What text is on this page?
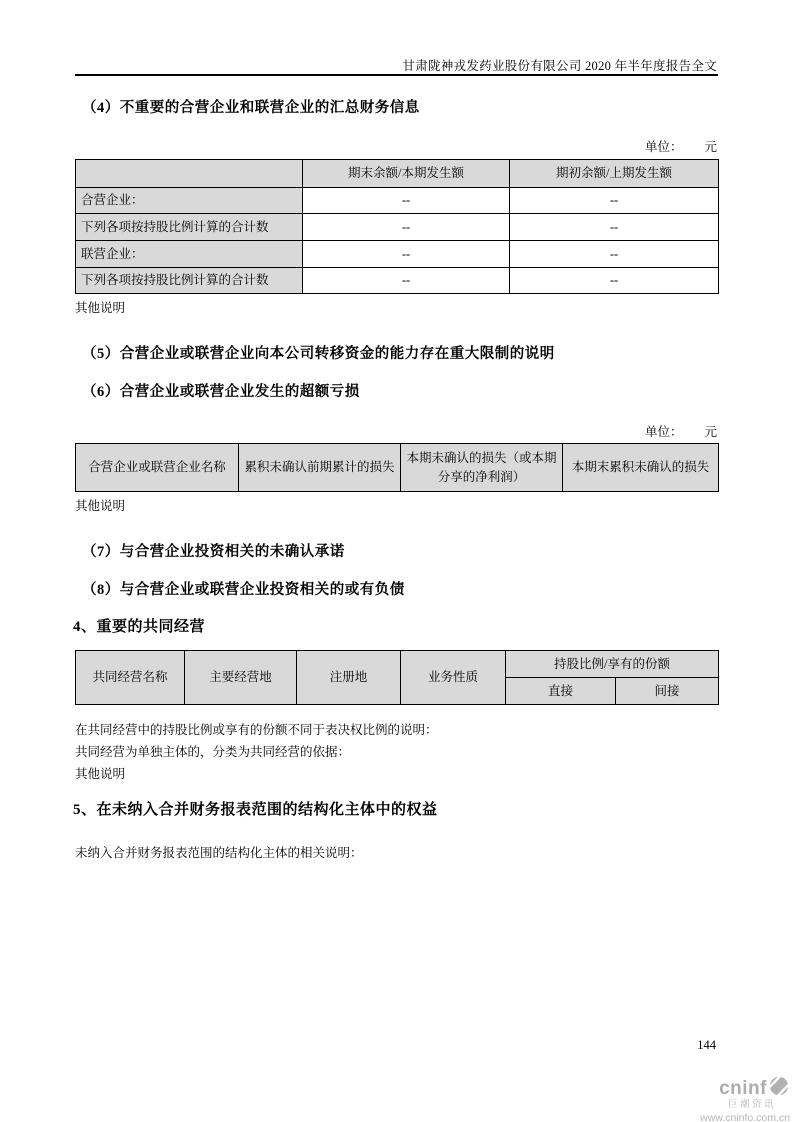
甘肃陇神戎发药业股份有限公司 2020 年半年度报告全文
（4）不重要的合营企业和联营企业的汇总财务信息
单位： 元
	期末余额/本期发生额	期初余额/上期发生额
合营企业：	--	--
下列各项按持股比例计算的合计数	--	--
联营企业：	--	--
下列各项按持股比例计算的合计数	--	--
其他说明
（5）合营企业或联营企业向本公司转移资金的能力存在重大限制的说明
（6）合营企业或联营企业发生的超额亏损
单位： 元
合营企业或联营企业名称	累积未确认前期累计的损失	本期未确认的损失（或本期分享的净利润）	本期末累积未确认的损失
其他说明
（7）与合营企业投资相关的未确认承诺
（8）与合营企业或联营企业投资相关的或有负债
4、重要的共同经营
共同经营名称	主要经营地	注册地	业务性质	持股比例/享有的份额	
				直接	间接
在共同经营中的持股比例或享有的份额不同于表决权比例的说明：
共同经营为单独主体的，分类为共同经营的依据：
其他说明
5、在未纳入合并财务报表范围的结构化主体中的权益
未纳入合并财务报表范围的结构化主体的相关说明：
144
cninf
巨潮资讯
www.cninfo.com.cn
